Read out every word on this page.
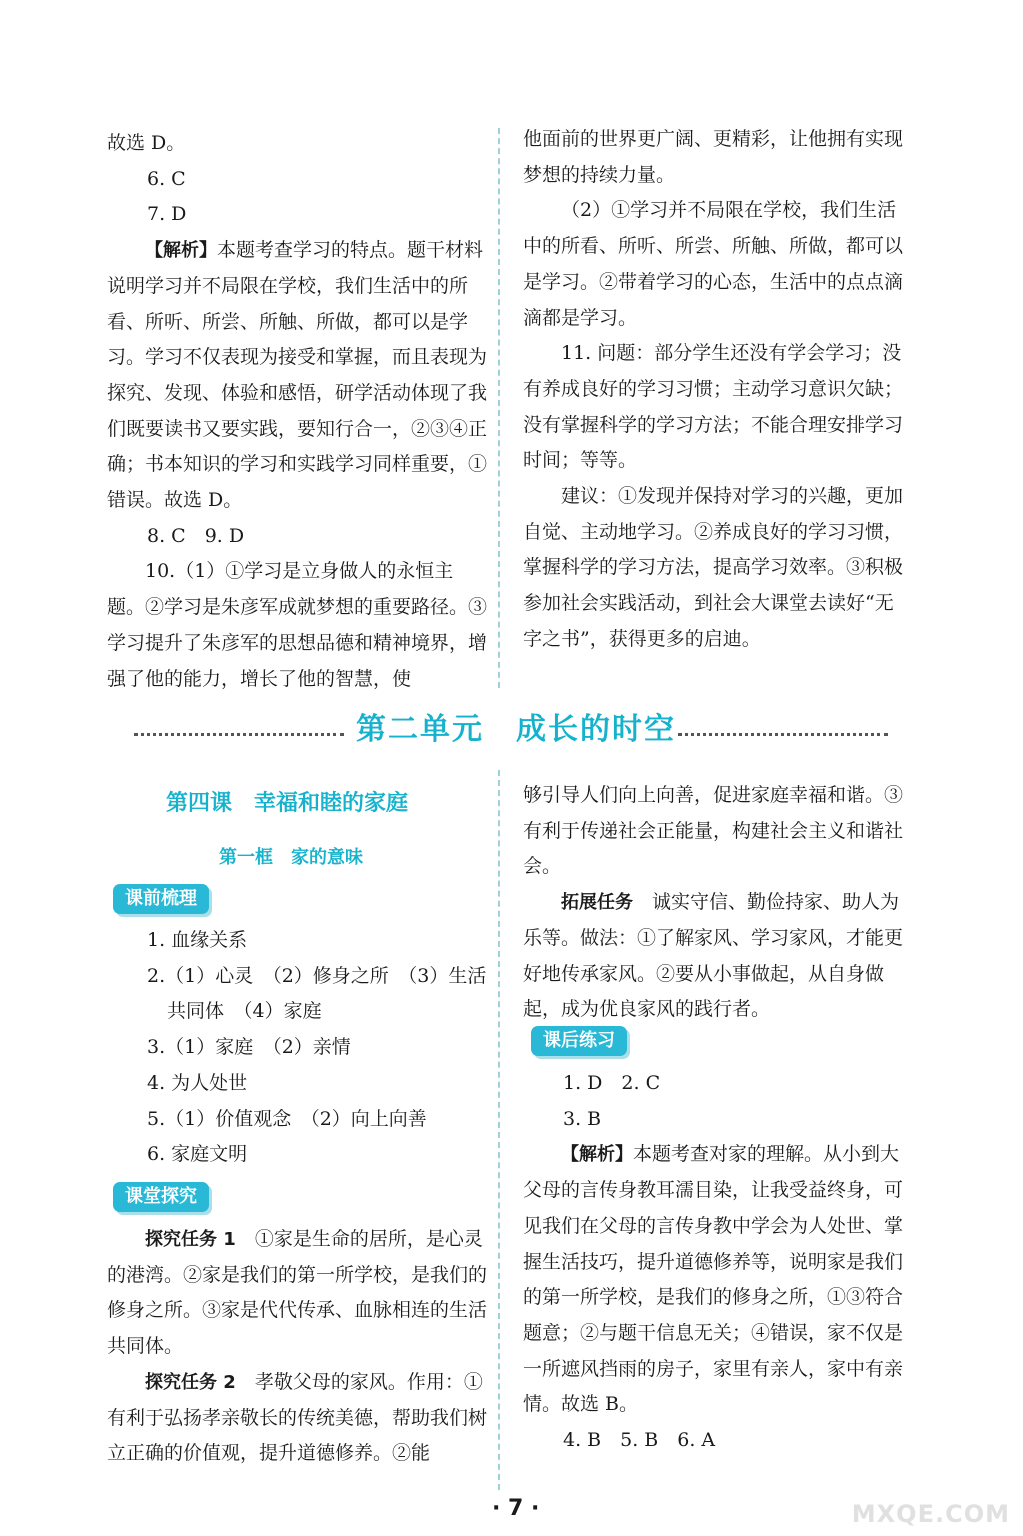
故选 D。

6. C

7. D

【解析】本题考查学习的特点。题干材料说明学习并不局限在学校，我们生活中的所看、所听、所尝、所触、所做，都可以是学习。学习不仅表现为接受和掌握，而且表现为探究、发现、体验和感悟，研学活动体现了我们既要读书又要实践，要知行合一，②③④正确；书本知识的学习和实践学习同样重要，①错误。故选 D。

8. C　9. D

10.（1）①学习是立身做人的永恒主题。②学习是朱彦军成就梦想的重要路径。③学习提升了朱彦军的思想品德和精神境界，增强了他的能力，增长了他的智慧，使

他面前的世界更广阔、更精彩，让他拥有实现梦想的持续力量。

（2）①学习并不局限在学校，我们生活中的所看、所听、所尝、所触、所做，都可以是学习。②带着学习的心态，生活中的点点滴滴都是学习。

11. 问题：部分学生还没有学会学习；没有养成良好的学习习惯；主动学习意识欠缺；没有掌握科学的学习方法；不能合理安排学习时间；等等。

建议：①发现并保持对学习的兴趣，更加自觉、主动地学习。②养成良好的学习习惯，掌握科学的学习方法，提高学习效率。③积极参加社会实践活动，到社会大课堂去读好“无字之书”，获得更多的启迪。

第二单元　成长的时空
第四课　幸福和睦的家庭
第一框　家的意味
课前梳理

1. 血缘关系

2.（1）心灵　（2）修身之所　（3）生活共同体　（4）家庭

3.（1）家庭　（2）亲情

4. 为人处世

5.（1）价值观念　（2）向上向善

6. 家庭文明

课堂探究

探究任务 1　 ①家是生命的居所，是心灵的港湾。②家是我们的第一所学校，是我们的修身之所。③家是代代传承、血脉相连的生活共同体。

探究任务 2　 孝敬父母的家风。作用：①有利于弘扬孝亲敬长的传统美德，帮助我们树立正确的价值观，提升道德修养。②能

够引导人们向上向善，促进家庭幸福和谐。③有利于传递社会正能量，构建社会主义和谐社会。

拓展任务　 诚实守信、勤俭持家、助人为乐等。做法：①了解家风、学习家风，才能更好地传承家风。②要从小事做起，从自身做起，成为优良家风的践行者。

课后练习

1. D　2. C

3. B

【解析】本题考查对家的理解。从小到大父母的言传身教耳濡目染，让我受益终身，可见我们在父母的言传身教中学会为人处世、掌握生活技巧，提升道德修养等，说明家是我们的第一所学校，是我们的修身之所，①③符合题意；②与题干信息无关；④错误，家不仅是一所遮风挡雨的房子，家里有亲人，家中有亲情。故选 B。

4. B　5. B　6. A

· 7 ·	MXQE.COM
